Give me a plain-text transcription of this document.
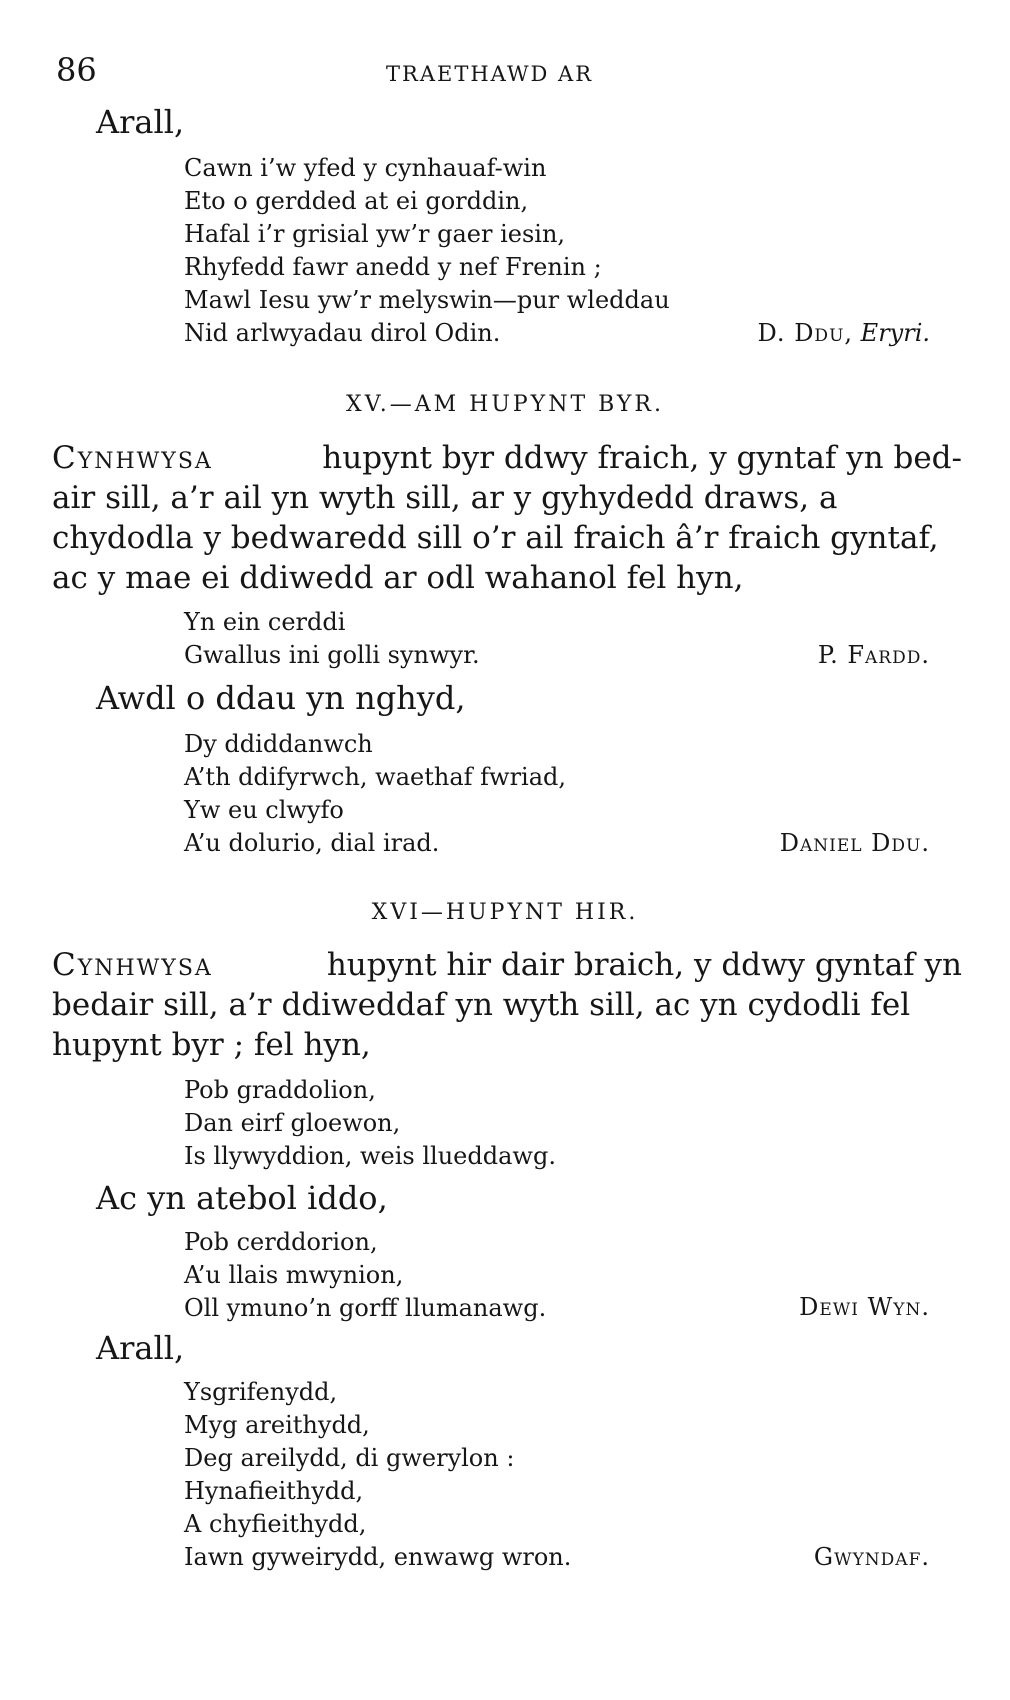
86	TRAETHAWD AR
Arall,
Cawn i’w yfed y cynhauaf-win
Eto o gerdded at ei gorddin,
Hafal i’r grisial yw’r gaer iesin,
Rhyfedd fawr anedd y nef Frenin ;
Mawl Iesu yw’r melyswin—pur wleddau
Nid arlwyadau dirol Odin.	D. Ddu, Eryri.
XV.—AM HUPYNT BYR.
Cynhwysa	hupynt byr ddwy fraich, y gyntaf yn bed-
air sill, a’r ail yn wyth sill, ar y gyhydedd draws, a
chydodla y bedwaredd sill o’r ail fraich â’r fraich gyntaf,
ac y mae ei ddiwedd ar odl wahanol fel hyn,
Yn ein cerddi
Gwallus ini golli synwyr.	P. Fardd.
Awdl o ddau yn nghyd,
Dy ddiddanwch
A’th ddifyrwch, waethaf fwriad,
Yw eu clwyfo
A’u dolurio, dial irad.	Daniel Ddu.
XVI—HUPYNT HIR.
Cynhwysa	hupynt hir dair braich, y ddwy gyntaf yn
bedair sill, a’r ddiweddaf yn wyth sill, ac yn cydodli fel
hupynt byr ; fel hyn,
Pob graddolion,
Dan eirf gloewon,
Is llywyddion, weis llueddawg.
Ac yn atebol iddo,
Pob cerddorion,
A’u llais mwynion,
Oll ymuno’n gorff llumanawg.	Dewi Wyn.
Arall,
Ysgrifenydd,
Myg areithydd,
Deg areilydd, di gwerylon :
Hynafieithydd,
A chyfieithydd,
Iawn gyweirydd, enwawg wron.	Gwyndaf.
